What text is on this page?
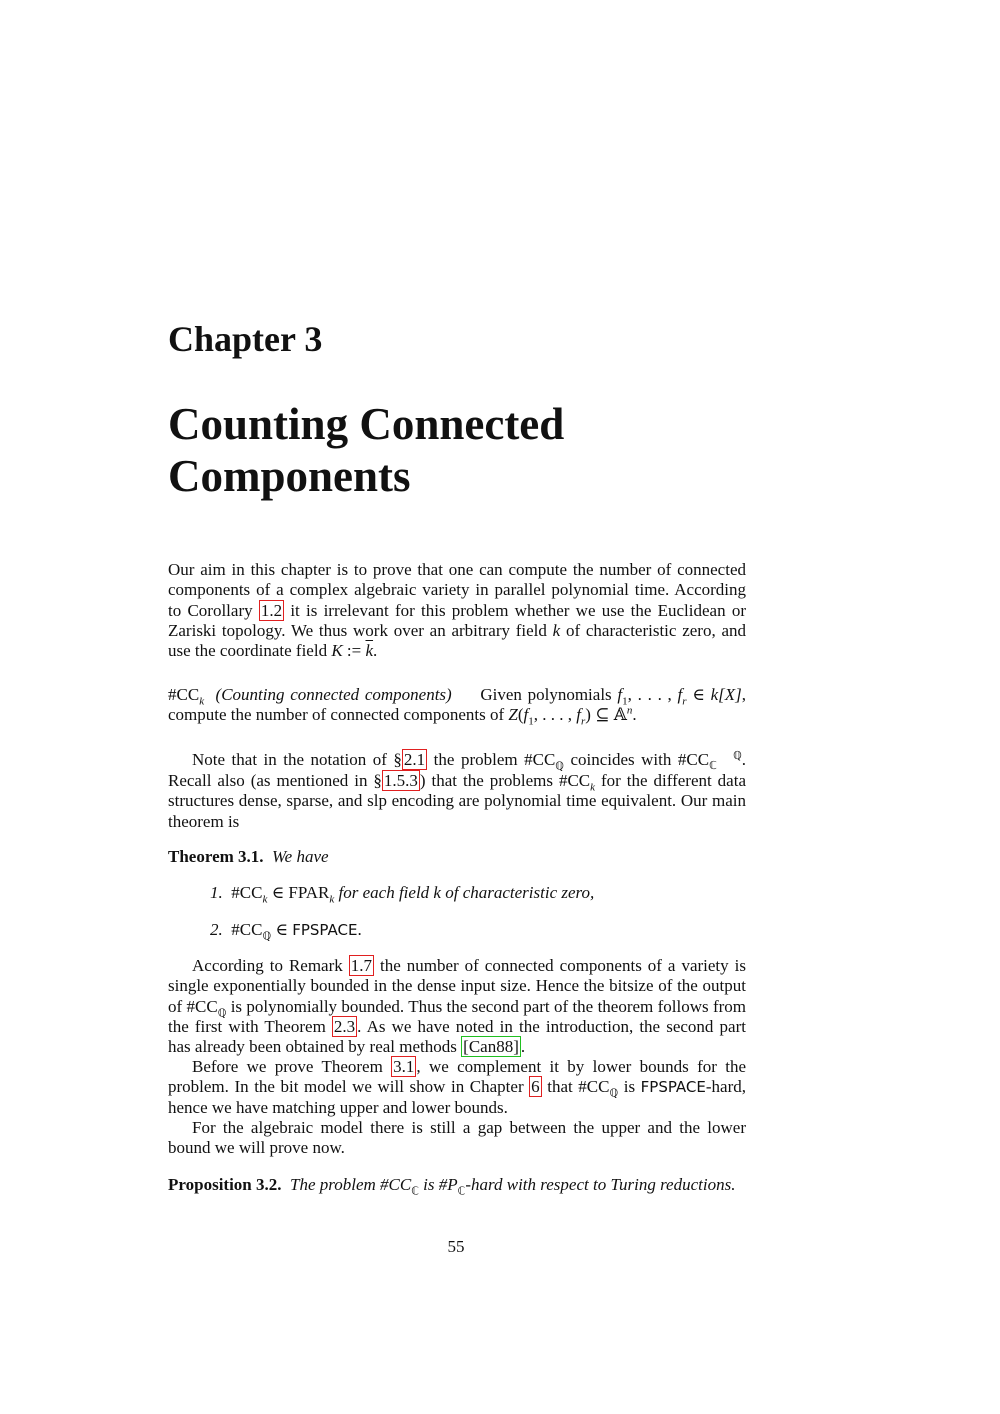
Chapter 3
Counting Connected
Components

Our aim in this chapter is to prove that one can compute the number of connected components of a complex algebraic variety in parallel polynomial time. According to Corollary 1.2 it is irrelevant for this problem whether we use the Euclidean or Zariski topology. We thus work over an arbitrary field k of characteristic zero, and use the coordinate field K := $\overline{k}$.

$\#CC_k$ (Counting connected components) Given polynomials $f_1$, . . . , $f_r$ ∈ k[X], compute the number of connected components of $Z(f_1$, . . . , $f_r$) ⊆ 𝔸$^n$.

Note that in the notation of § 2.1 the problem $\#CC_ℚ$ coincides with #CC ℚ
ℂ . Recall also (as mentioned in § 1.5.3 ) that the problems $\#CC_k$ for the different data structures dense, sparse, and slp encoding are polynomial time equivalent. Our main theorem is

Theorem 3.1. We have

1. $\#CC_k$ ∈ $FPAR_k$ for each field k of characteristic zero,
2. $\#CC_ℚ$ ∈ FPSPACE.

According to Remark 1.7 the number of connected components of a variety is single exponentially bounded in the dense input size. Hence the bitsize of the output of $\#CC_ℚ$ is polynomially bounded. Thus the second part of the theorem follows from the first with Theorem 2.3 . As we have noted in the introduction, the second part has already been obtained by real methods [Can88] .

Before we prove Theorem 3.1 , we complement it by lower bounds for the problem. In the bit model we will show in Chapter 6 that $\#CC_ℚ$ is FPSPACE-hard, hence we have matching upper and lower bounds.

For the algebraic model there is still a gap between the upper and the lower bound we will prove now.

Proposition 3.2. The problem $\#CC_ℂ$ is $\#P_ℂ$-hard with respect to Turing reductions.

55
